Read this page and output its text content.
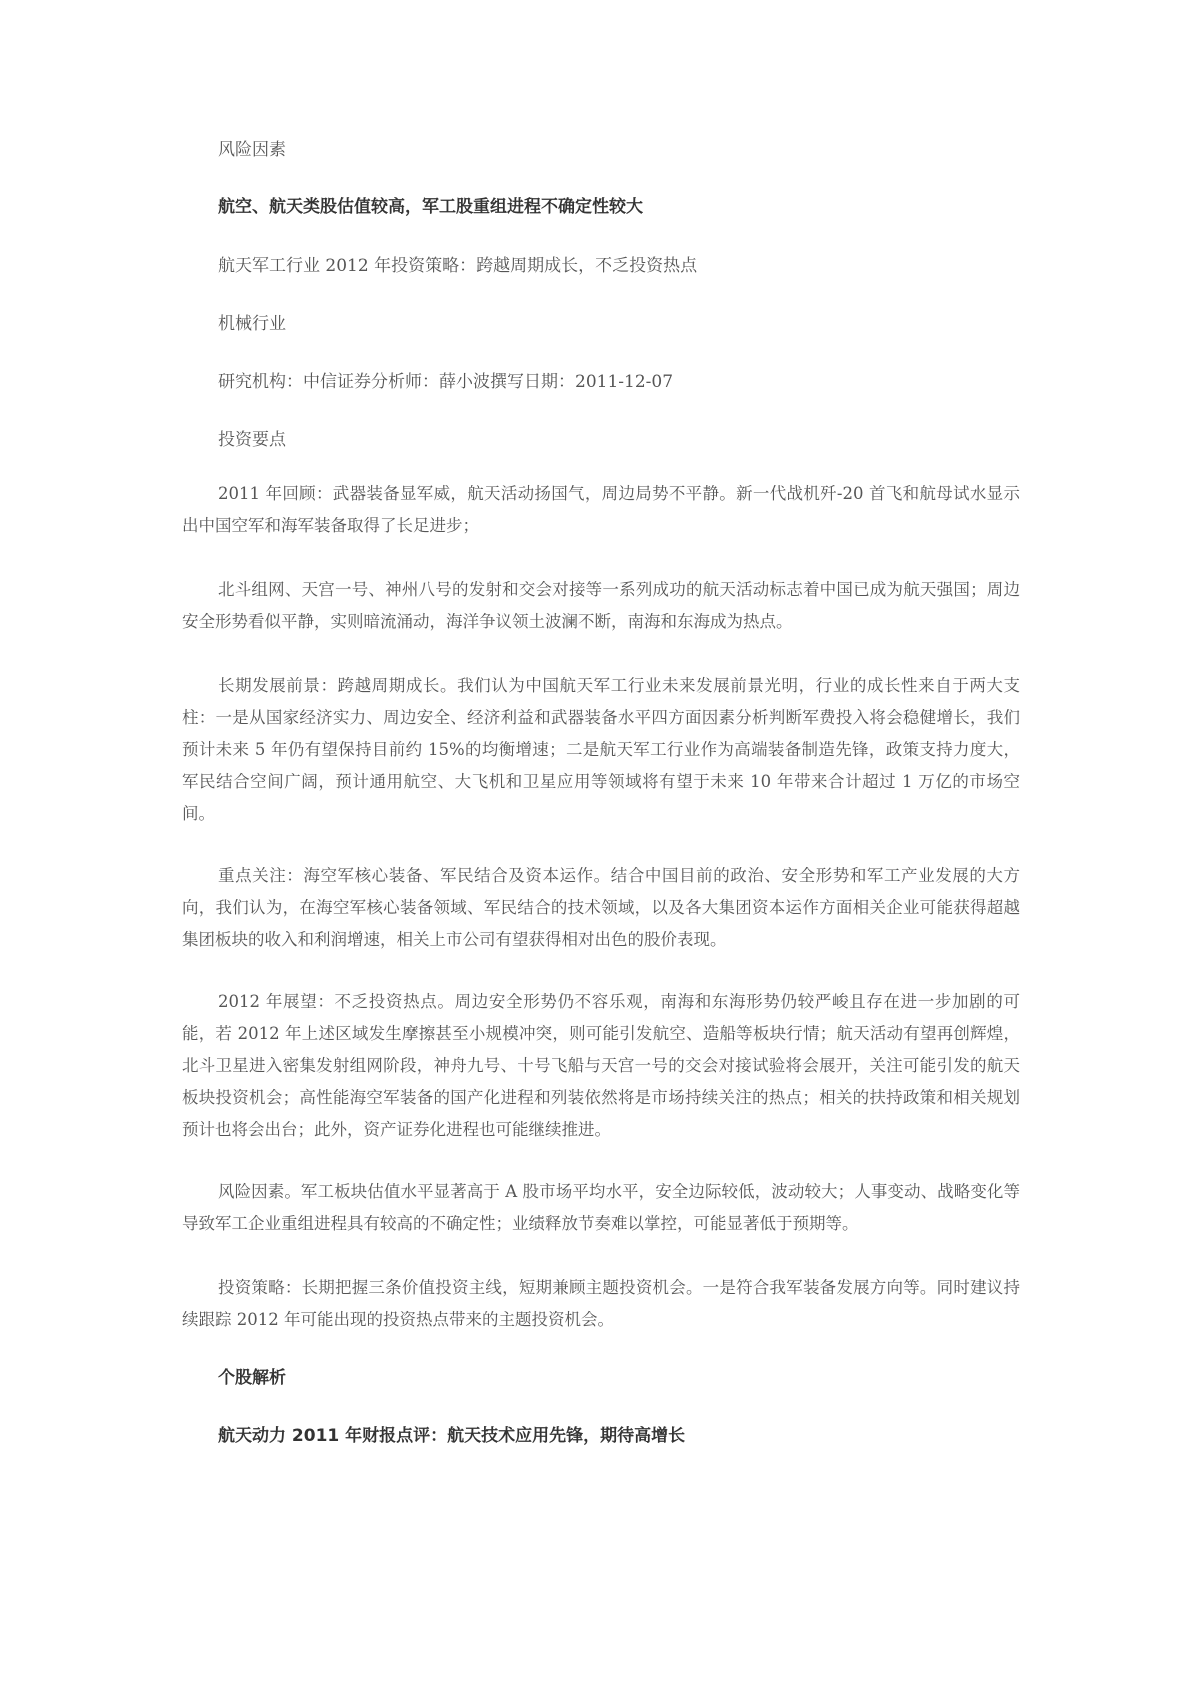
风险因素
航空、航天类股估值较高，军工股重组进程不确定性较大
航天军工行业 2012 年投资策略：跨越周期成长，不乏投资热点
机械行业
研究机构：中信证券分析师：薛小波撰写日期：2011-12-07
投资要点
2011 年回顾：武器装备显军威，航天活动扬国气，周边局势不平静。新一代战机歼-20 首飞和航母试水显示出中国空军和海军装备取得了长足进步；
北斗组网、天宫一号、神州八号的发射和交会对接等一系列成功的航天活动标志着中国已成为航天强国；周边安全形势看似平静，实则暗流涌动，海洋争议领土波澜不断，南海和东海成为热点。
长期发展前景：跨越周期成长。我们认为中国航天军工行业未来发展前景光明，行业的成长性来自于两大支柱：一是从国家经济实力、周边安全、经济利益和武器装备水平四方面因素分析判断军费投入将会稳健增长，我们预计未来 5 年仍有望保持目前约 15%的均衡增速；二是航天军工行业作为高端装备制造先锋，政策支持力度大，军民结合空间广阔，预计通用航空、大飞机和卫星应用等领域将有望于未来 10 年带来合计超过 1 万亿的市场空间。
重点关注：海空军核心装备、军民结合及资本运作。结合中国目前的政治、安全形势和军工产业发展的大方向，我们认为，在海空军核心装备领域、军民结合的技术领域，以及各大集团资本运作方面相关企业可能获得超越集团板块的收入和利润增速，相关上市公司有望获得相对出色的股价表现。
2012 年展望：不乏投资热点。周边安全形势仍不容乐观，南海和东海形势仍较严峻且存在进一步加剧的可能，若 2012 年上述区域发生摩擦甚至小规模冲突，则可能引发航空、造船等板块行情；航天活动有望再创辉煌，北斗卫星进入密集发射组网阶段，神舟九号、十号飞船与天宫一号的交会对接试验将会展开，关注可能引发的航天板块投资机会；高性能海空军装备的国产化进程和列装依然将是市场持续关注的热点；相关的扶持政策和相关规划预计也将会出台；此外，资产证券化进程也可能继续推进。
风险因素。军工板块估值水平显著高于 A 股市场平均水平，安全边际较低，波动较大；人事变动、战略变化等导致军工企业重组进程具有较高的不确定性；业绩释放节奏难以掌控，可能显著低于预期等。
投资策略：长期把握三条价值投资主线，短期兼顾主题投资机会。一是符合我军装备发展方向等。同时建议持续跟踪 2012 年可能出现的投资热点带来的主题投资机会。
个股解析
航天动力 2011 年财报点评：航天技术应用先锋，期待高增长
